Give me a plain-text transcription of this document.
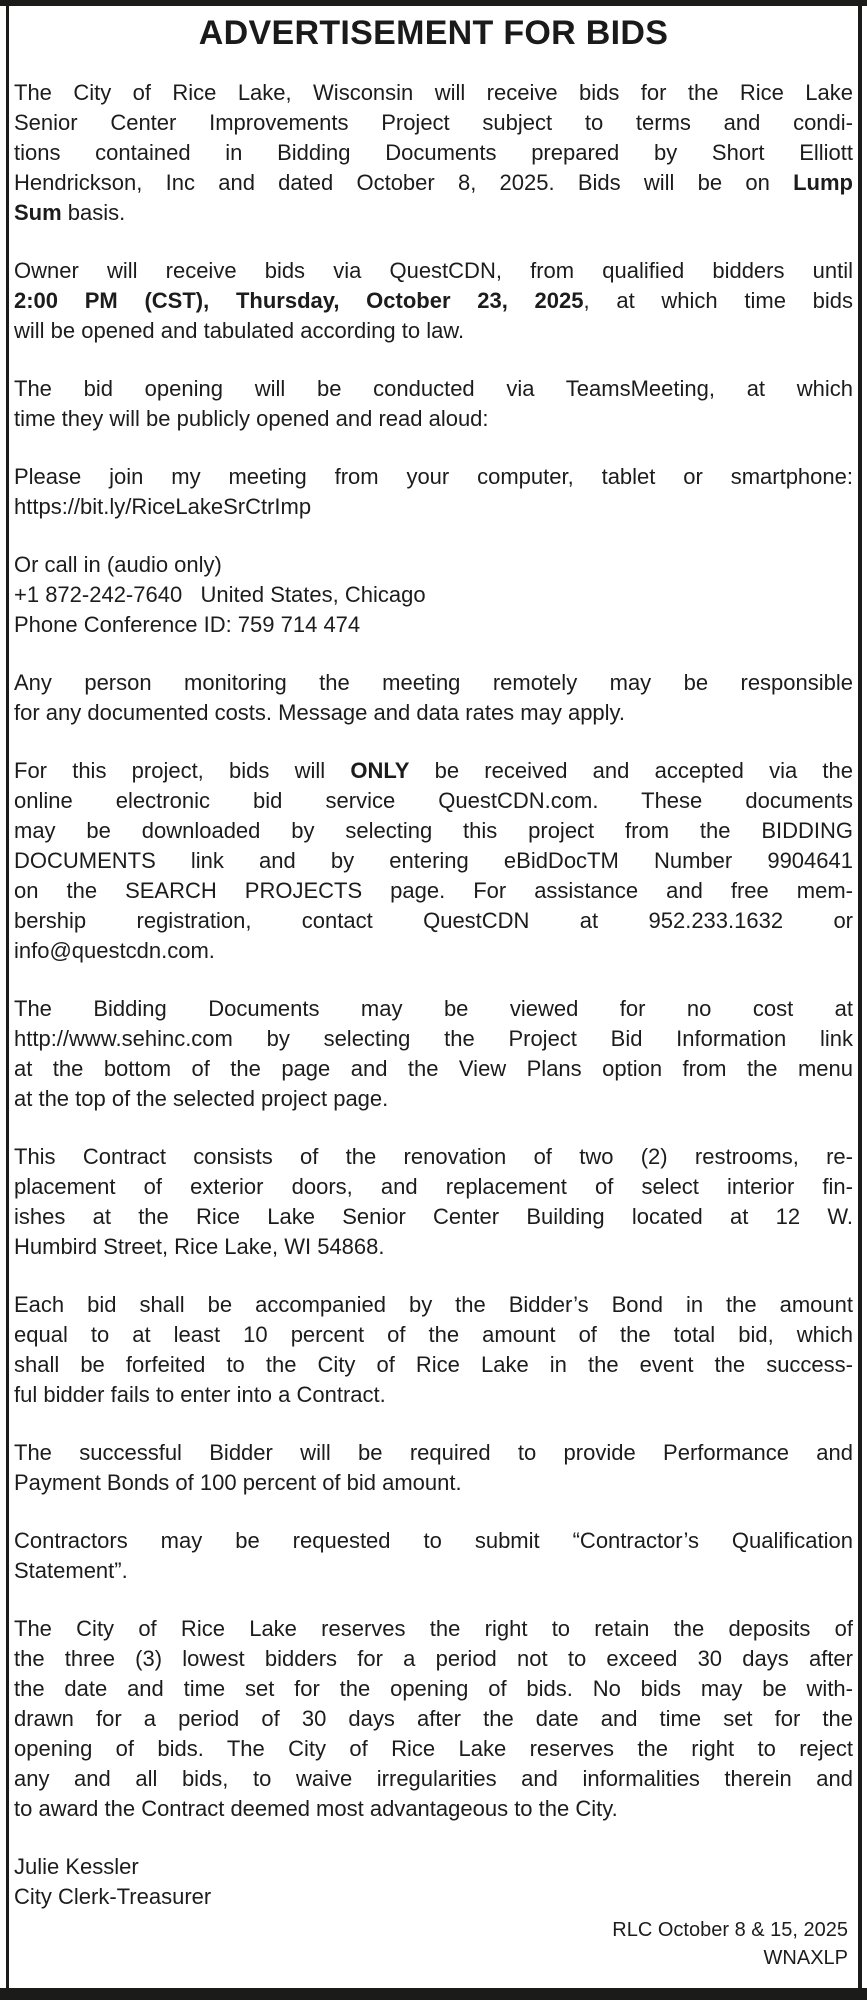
ADVERTISEMENT FOR BIDS
The City of Rice Lake, Wisconsin will receive bids for the Rice Lake
Senior Center Improvements Project subject to terms and condi-
tions contained in Bidding Documents prepared by Short Elliott
Hendrickson, Inc and dated October 8, 2025. Bids will be on Lump
Sum basis.
Owner will receive bids via QuestCDN, from qualified bidders until
2:00 PM (CST), Thursday, October 23, 2025, at which time bids
will be opened and tabulated according to law.
The bid opening will be conducted via TeamsMeeting, at which
time they will be publicly opened and read aloud:
Please join my meeting from your computer, tablet or smartphone:
https://bit.ly/RiceLakeSrCtrImp
Or call in (audio only)
+1 872-242-7640   United States, Chicago
Phone Conference ID: 759 714 474
Any person monitoring the meeting remotely may be responsible
for any documented costs. Message and data rates may apply.
For this project, bids will ONLY be received and accepted via the
online electronic bid service QuestCDN.com. These documents
may be downloaded by selecting this project from the BIDDING
DOCUMENTS link and by entering eBidDocTM Number 9904641
on the SEARCH PROJECTS page. For assistance and free mem-
bership registration, contact QuestCDN at 952.233.1632 or
info@questcdn.com.
The Bidding Documents may be viewed for no cost at
http://www.sehinc.com by selecting the Project Bid Information link
at the bottom of the page and the View Plans option from the menu
at the top of the selected project page.
This Contract consists of the renovation of two (2) restrooms, re-
placement of exterior doors, and replacement of select interior fin-
ishes at the Rice Lake Senior Center Building located at 12 W.
Humbird Street, Rice Lake, WI 54868.
Each bid shall be accompanied by the Bidder’s Bond in the amount
equal to at least 10 percent of the amount of the total bid, which
shall be forfeited to the City of Rice Lake in the event the success-
ful bidder fails to enter into a Contract.
The successful Bidder will be required to provide Performance and
Payment Bonds of 100 percent of bid amount.
Contractors may be requested to submit “Contractor’s Qualification
Statement”.
The City of Rice Lake reserves the right to retain the deposits of
the three (3) lowest bidders for a period not to exceed 30 days after
the date and time set for the opening of bids. No bids may be with-
drawn for a period of 30 days after the date and time set for the
opening of bids. The City of Rice Lake reserves the right to reject
any and all bids, to waive irregularities and informalities therein and
to award the Contract deemed most advantageous to the City.
Julie Kessler
City Clerk-Treasurer
RLC October 8 & 15, 2025
WNAXLP
